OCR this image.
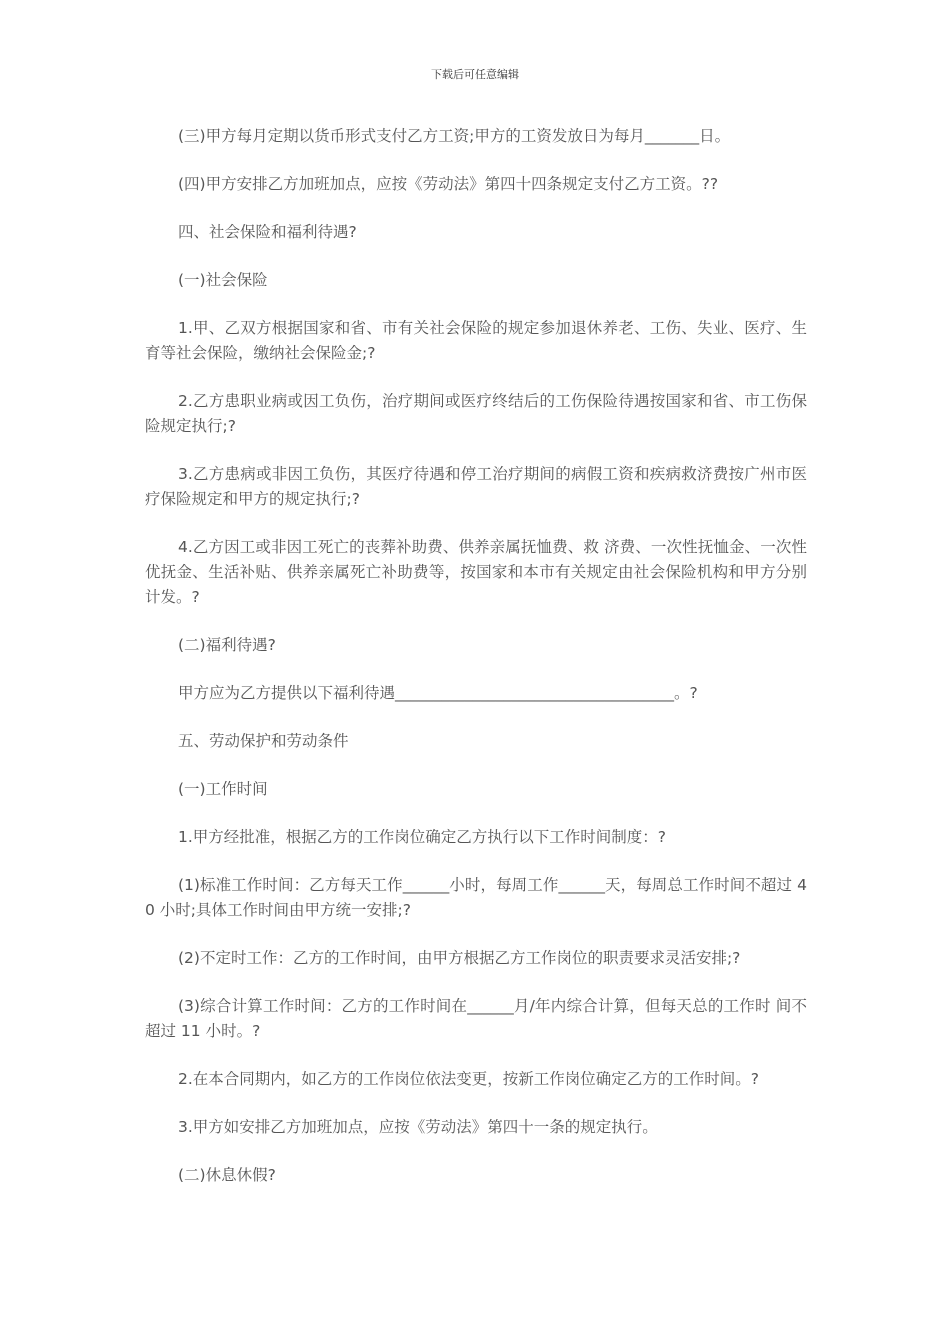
下载后可任意编辑

(三)甲方每月定期以货币形式支付乙方工资;甲方的工资发放日为每月_______日。

(四)甲方安排乙方加班加点，应按《劳动法》第四十四条规定支付乙方工资。??

四、社会保险和福利待遇?

(一)社会保险

1.甲、乙双方根据国家和省、市有关社会保险的规定参加退休养老、工伤、失业、医疗、生育等社会保险，缴纳社会保险金;?

2.乙方患职业病或因工负伤，治疗期间或医疗终结后的工伤保险待遇按国家和省、市工伤保险规定执行;?

3.乙方患病或非因工负伤，其医疗待遇和停工治疗期间的病假工资和疾病救济费按广州市医疗保险规定和甲方的规定执行;?

4.乙方因工或非因工死亡的丧葬补助费、供养亲属抚恤费、救 济费、一次性抚恤金、一次性优抚金、生活补贴、供养亲属死亡补助费等，按国家和本市有关规定由社会保险机构和甲方分别计发。?

(二)福利待遇?

甲方应为乙方提供以下福利待遇____________________________________。?

五、劳动保护和劳动条件

(一)工作时间

1.甲方经批准，根据乙方的工作岗位确定乙方执行以下工作时间制度：?

(1)标准工作时间：乙方每天工作______小时，每周工作______天，每周总工作时间不超过 40 小时;具体工作时间由甲方统一安排;?

(2)不定时工作：乙方的工作时间，由甲方根据乙方工作岗位的职责要求灵活安排;?

(3)综合计算工作时间：乙方的工作时间在______月/年内综合计算，但每天总的工作时 间不超过 11 小时。?

2.在本合同期内，如乙方的工作岗位依法变更，按新工作岗位确定乙方的工作时间。?

3.甲方如安排乙方加班加点，应按《劳动法》第四十一条的规定执行。

(二)休息休假?
